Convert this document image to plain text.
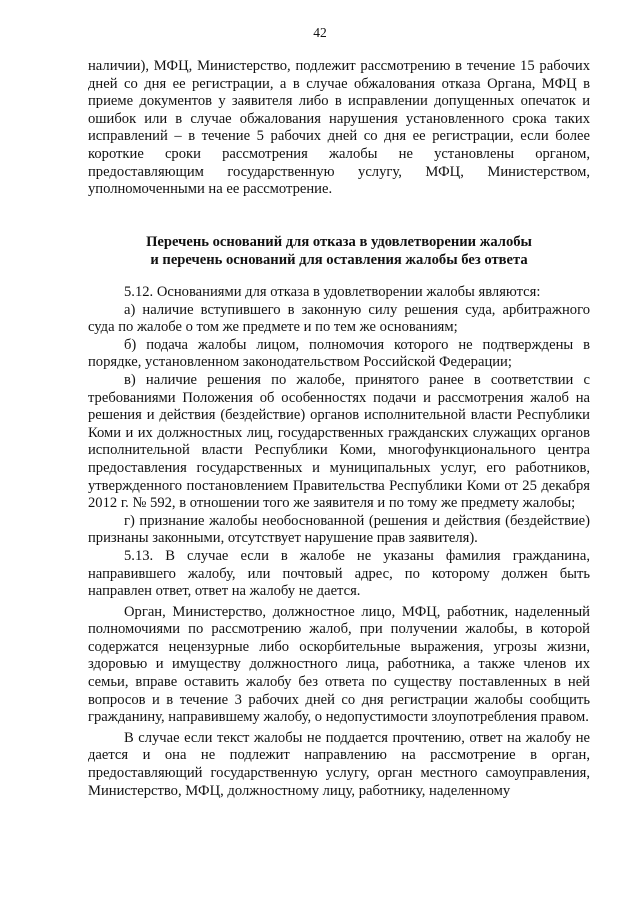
42

наличии), МФЦ, Министерство, подлежит рассмотрению в течение 15 рабочих дней со дня ее регистрации, а в случае обжалования отказа Органа, МФЦ в приеме документов у заявителя либо в исправлении допущенных опечаток и ошибок или в случае обжалования нарушения установленного срока таких исправлений – в течение 5 рабочих дней со дня ее регистрации, если более короткие сроки рассмотрения жалобы не установлены органом, предоставляющим государственную услугу, МФЦ, Министерством, уполномоченными на ее рассмотрение.

Перечень оснований для отказа в удовлетворении жалобы
и перечень оснований для оставления жалобы без ответа

5.12. Основаниями для отказа в удовлетворении жалобы являются:

а) наличие вступившего в законную силу решения суда, арбитражного суда по жалобе о том же предмете и по тем же основаниям;

б) подача жалобы лицом, полномочия которого не подтверждены в порядке, установленном законодательством Российской Федерации;

в) наличие решения по жалобе, принятого ранее в соответствии с требованиями Положения об особенностях подачи и рассмотрения жалоб на решения и действия (бездействие) органов исполнительной власти Республики Коми и их должностных лиц, государственных гражданских служащих органов исполнительной власти Республики Коми, многофункционального центра предоставления государственных и муниципальных услуг, его работников, утвержденного постановлением Правительства Республики Коми от 25 декабря 2012 г. № 592, в отношении того же заявителя и по тому же предмету жалобы;

г) признание жалобы необоснованной (решения и действия (бездействие) признаны законными, отсутствует нарушение прав заявителя).

5.13. В случае если в жалобе не указаны фамилия гражданина, направившего жалобу, или почтовый адрес, по которому должен быть направлен ответ, ответ на жалобу не дается.

Орган, Министерство, должностное лицо, МФЦ, работник, наделенный полномочиями по рассмотрению жалоб, при получении жалобы, в которой содержатся нецензурные либо оскорбительные выражения, угрозы жизни, здоровью и имуществу должностного лица, работника, а также членов их семьи, вправе оставить жалобу без ответа по существу поставленных в ней вопросов и в течение 3 рабочих дней со дня регистрации жалобы сообщить гражданину, направившему жалобу, о недопустимости злоупотребления правом.

В случае если текст жалобы не поддается прочтению, ответ на жалобу не дается и она не подлежит направлению на рассмотрение в орган, предоставляющий государственную услугу, орган местного самоуправления, Министерство, МФЦ, должностному лицу, работнику, наделенному
